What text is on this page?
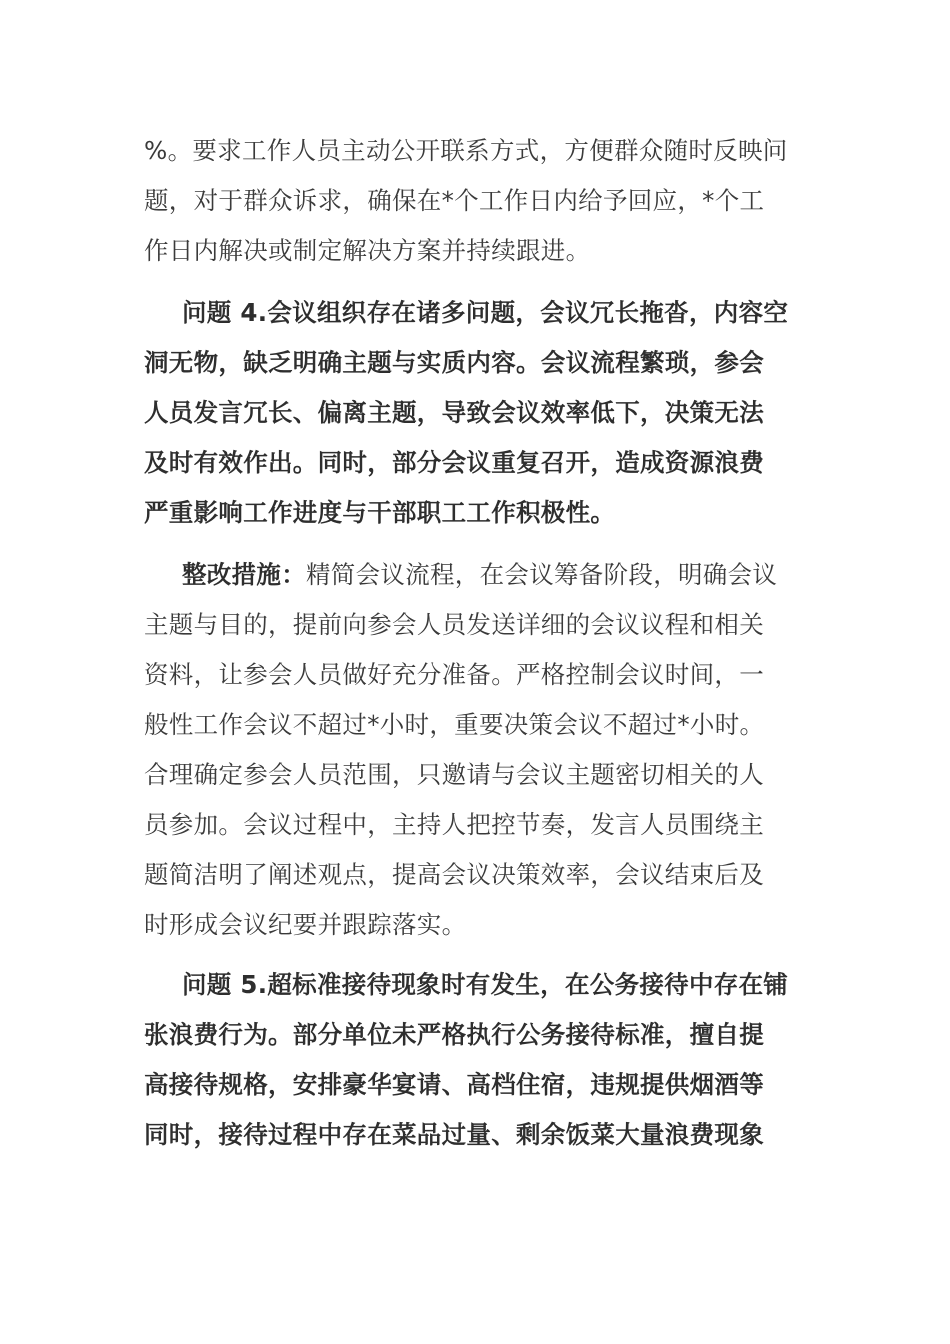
%。要求工作人员主动公开联系方式，方便群众随时反映问
题，对于群众诉求，确保在*个工作日内给予回应，*个工
作日内解决或制定解决方案并持续跟进。
问题 4.会议组织存在诸多问题，会议冗长拖沓，内容空
洞无物，缺乏明确主题与实质内容。会议流程繁琐，参会
人员发言冗长、偏离主题，导致会议效率低下，决策无法
及时有效作出。同时，部分会议重复召开，造成资源浪费
严重影响工作进度与干部职工工作积极性。
整改措施：精简会议流程，在会议筹备阶段，明确会议
主题与目的，提前向参会人员发送详细的会议议程和相关
资料，让参会人员做好充分准备。严格控制会议时间，一
般性工作会议不超过*小时，重要决策会议不超过*小时。
合理确定参会人员范围，只邀请与会议主题密切相关的人
员参加。会议过程中，主持人把控节奏，发言人员围绕主
题简洁明了阐述观点，提高会议决策效率，会议结束后及
时形成会议纪要并跟踪落实。
问题 5.超标准接待现象时有发生，在公务接待中存在铺
张浪费行为。部分单位未严格执行公务接待标准，擅自提
高接待规格，安排豪华宴请、高档住宿，违规提供烟酒等
同时，接待过程中存在菜品过量、剩余饭菜大量浪费现象
